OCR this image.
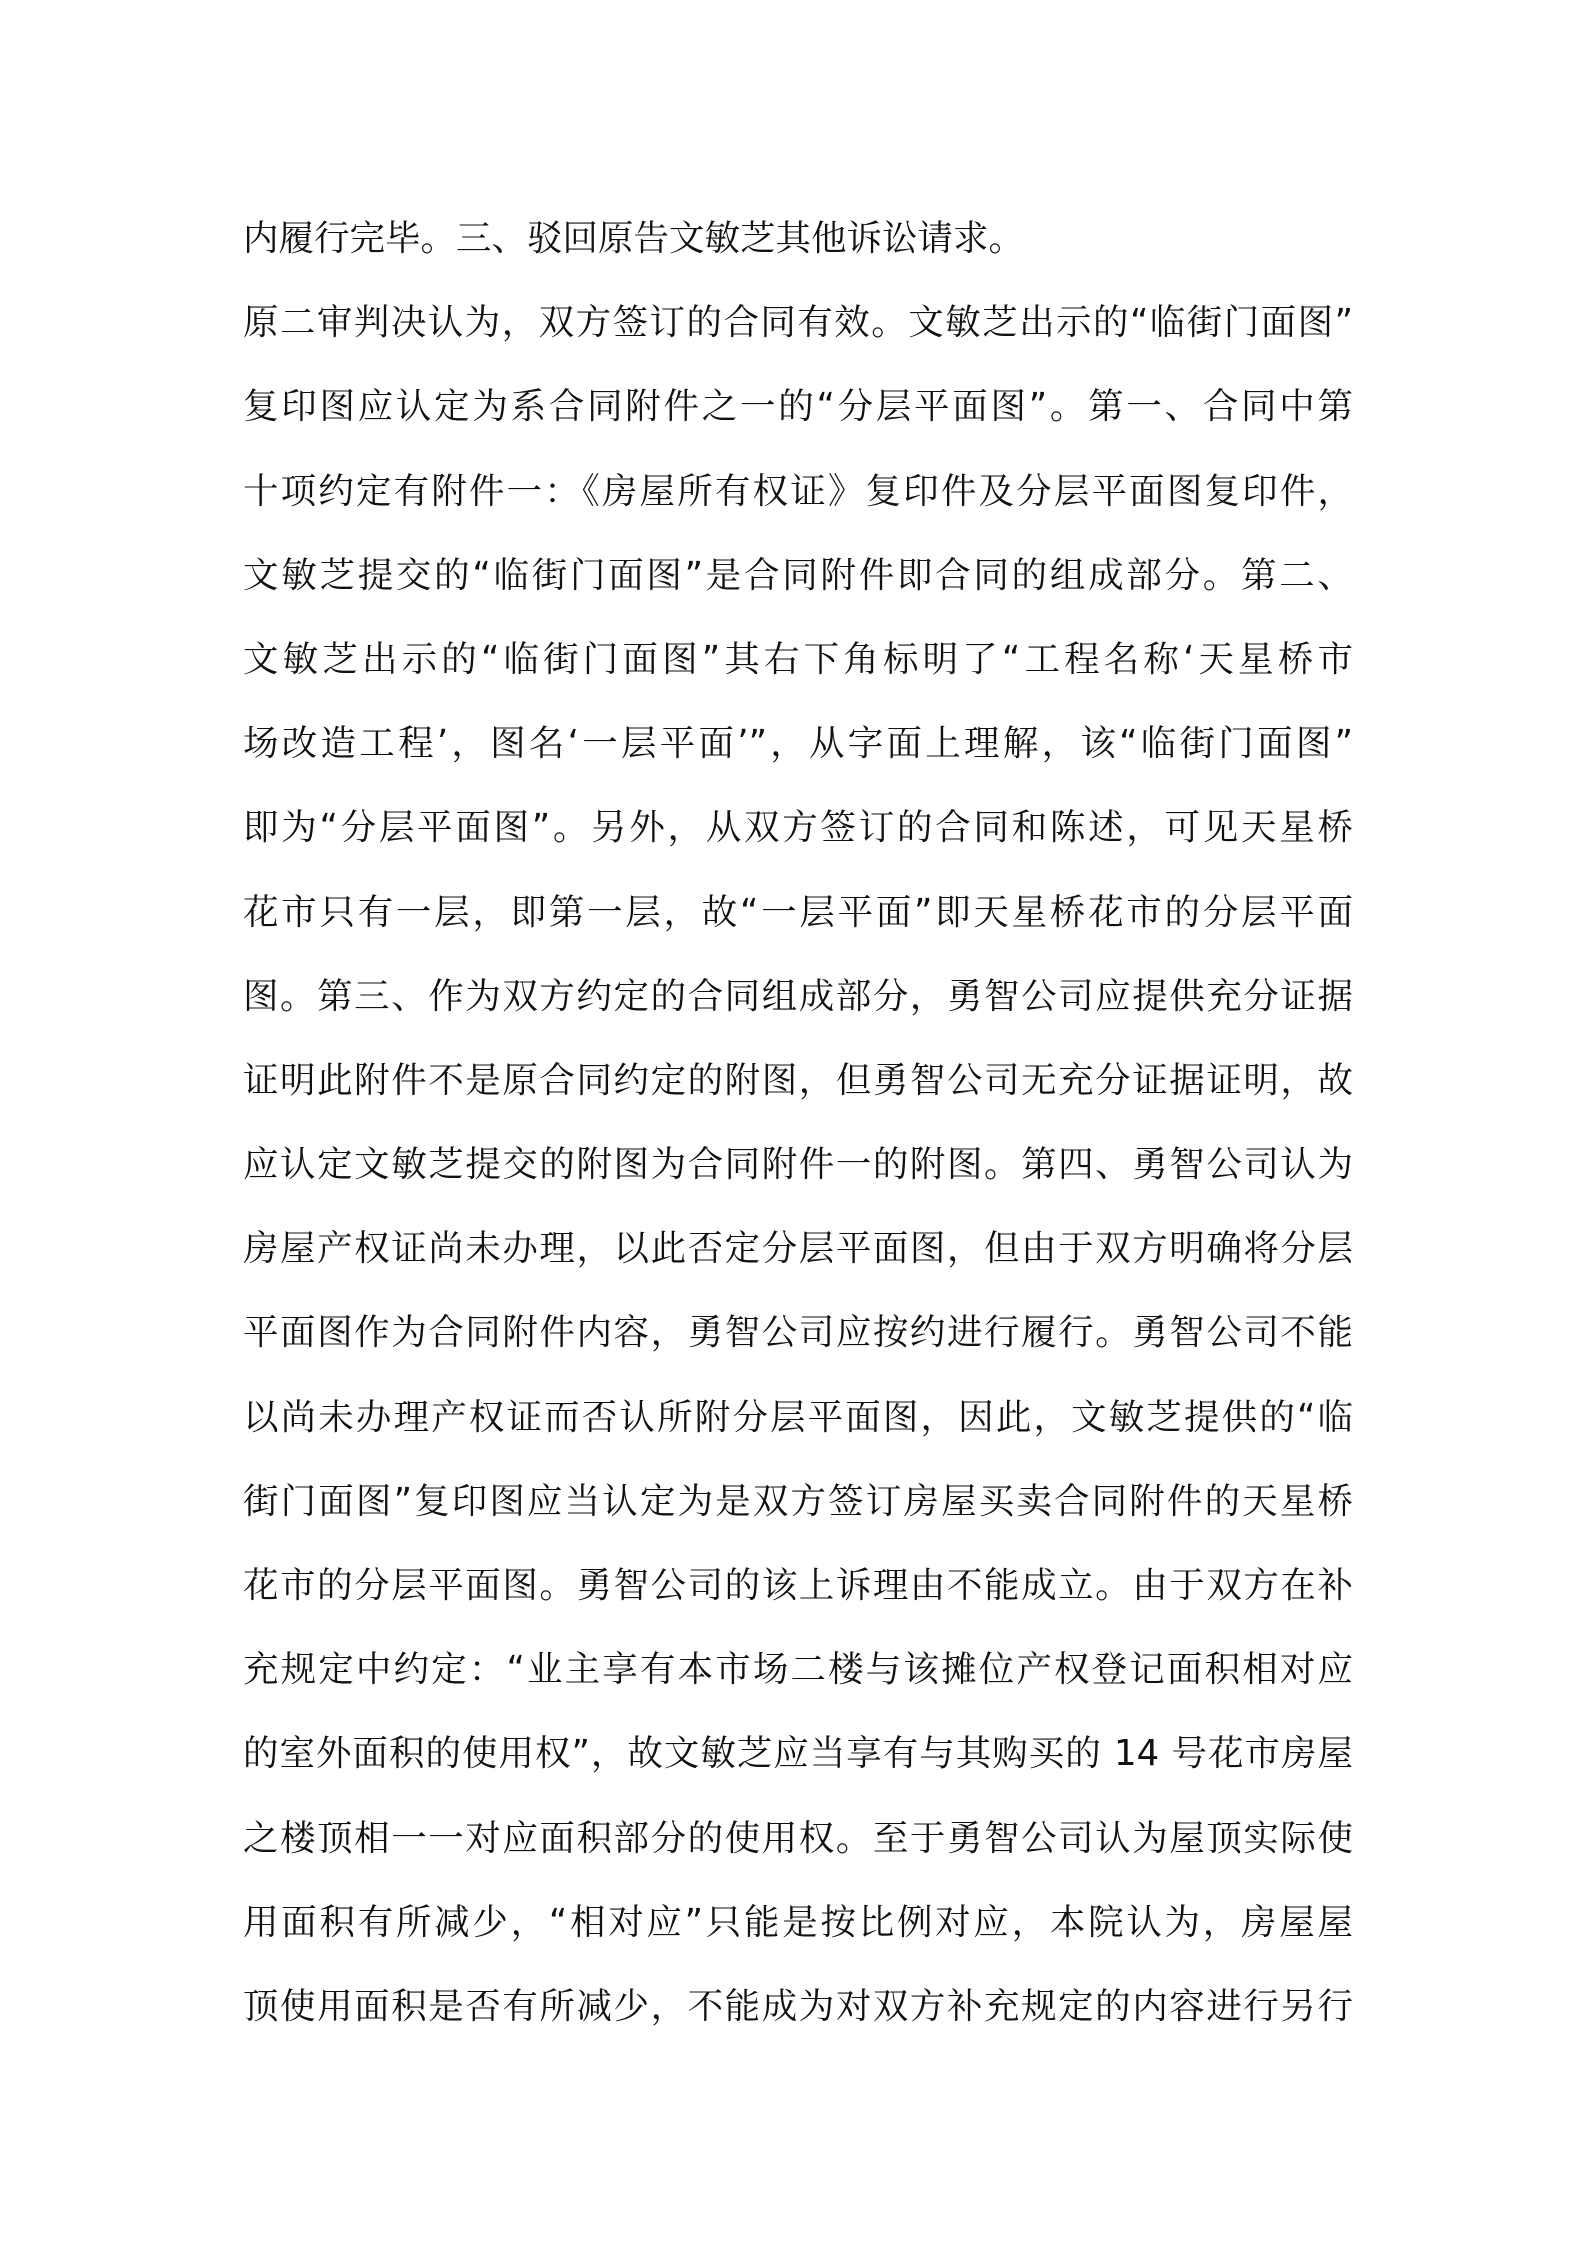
内履行完毕。三、驳回原告文敏芝其他诉讼请求。
原二审判决认为，双方签订的合同有效。文敏芝出示的“临街门面图”
复印图应认定为系合同附件之一的“分层平面图”。第一、合同中第
十项约定有附件一：《房屋所有权证》复印件及分层平面图复印件，
文敏芝提交的“临街门面图”是合同附件即合同的组成部分。第二、
文敏芝出示的“临街门面图”其右下角标明了“工程名称‘天星桥市
场改造工程’，图名‘一层平面’”，从字面上理解，该“临街门面图”
即为“分层平面图”。另外，从双方签订的合同和陈述，可见天星桥
花市只有一层，即第一层，故“一层平面”即天星桥花市的分层平面
图。第三、作为双方约定的合同组成部分，勇智公司应提供充分证据
证明此附件不是原合同约定的附图，但勇智公司无充分证据证明，故
应认定文敏芝提交的附图为合同附件一的附图。第四、勇智公司认为
房屋产权证尚未办理，以此否定分层平面图，但由于双方明确将分层
平面图作为合同附件内容，勇智公司应按约进行履行。勇智公司不能
以尚未办理产权证而否认所附分层平面图，因此，文敏芝提供的“临
街门面图”复印图应当认定为是双方签订房屋买卖合同附件的天星桥
花市的分层平面图。勇智公司的该上诉理由不能成立。由于双方在补
充规定中约定：“业主享有本市场二楼与该摊位产权登记面积相对应
的室外面积的使用权”，故文敏芝应当享有与其购买的 14 号花市房屋
之楼顶相一一对应面积部分的使用权。至于勇智公司认为屋顶实际使
用面积有所减少，“相对应”只能是按比例对应，本院认为，房屋屋
顶使用面积是否有所减少，不能成为对双方补充规定的内容进行另行
